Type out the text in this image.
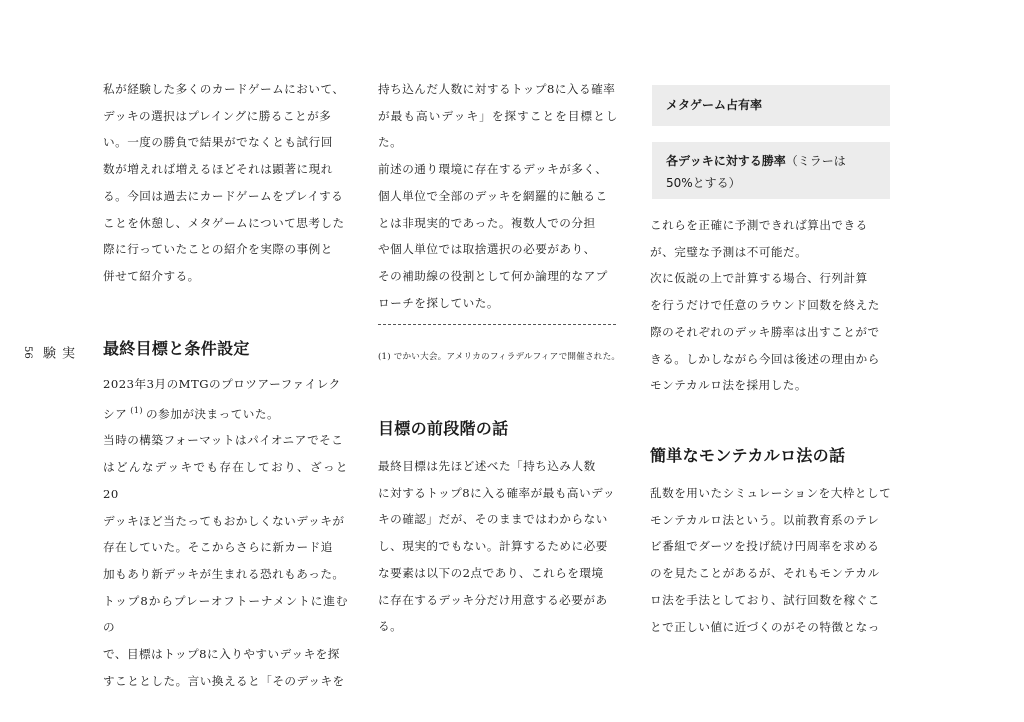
実験
56

私が経験した多くのカードゲームにおいて、
デッキの選択はプレイングに勝ることが多
い。一度の勝負で結果がでなくとも試行回
数が増えれば増えるほどそれは顕著に現れ
る。今回は過去にカードゲームをプレイする
ことを休憩し、メタゲームについて思考した
際に行っていたことの紹介を実際の事例と
併せて紹介する。

最終目標と条件設定
2023年3月のMTGのプロツアーファイレク
シア $^{(1)}$ の参加が決まっていた。
当時の構築フォーマットはパイオニアでそこ
はどんなデッキでも存在しており、ざっと20
デッキほど当たってもおかしくないデッキが
存在していた。そこからさらに新カード追
加もあり新デッキが生まれる恐れもあった。
トップ8からプレーオフトーナメントに進むの
で、目標はトップ8に入りやすいデッキを探
すこととした。言い換えると「そのデッキを

持ち込んだ人数に対するトップ8に入る確率
が最も高いデッキ」を探すことを目標とした。
前述の通り環境に存在するデッキが多く、
個人単位で全部のデッキを網羅的に触るこ
とは非現実的であった。複数人での分担
や個人単位では取捨選択の必要があり、
その補助線の役割として何か論理的なアプ
ローチを探していた。

(1) でかい大会。アメリカのフィラデルフィアで開催された。

目標の前段階の話

最終目標は先ほど述べた「持ち込み人数
に対するトップ8に入る確率が最も高いデッ
キの確認」だが、そのままではわからない
し、現実的でもない。計算するために必要
な要素は以下の2点であり、これらを環境
に存在するデッキ分だけ用意する必要があ
る。

メタゲーム占有率
各デッキに対する勝率（ミラーは
50%とする）

これらを正確に予測できれば算出できる
が、完璧な予測は不可能だ。
次に仮説の上で計算する場合、行列計算
を行うだけで任意のラウンド回数を終えた
際のそれぞれのデッキ勝率は出すことがで
きる。しかしながら今回は後述の理由から
モンテカルロ法を採用した。

簡単なモンテカルロ法の話

乱数を用いたシミュレーションを大枠として
モンテカルロ法という。以前教育系のテレ
ビ番組でダーツを投げ続け円周率を求める
のを見たことがあるが、それもモンテカル
ロ法を手法としており、試行回数を稼ぐこ
とで正しい値に近づくのがその特徴となっ
